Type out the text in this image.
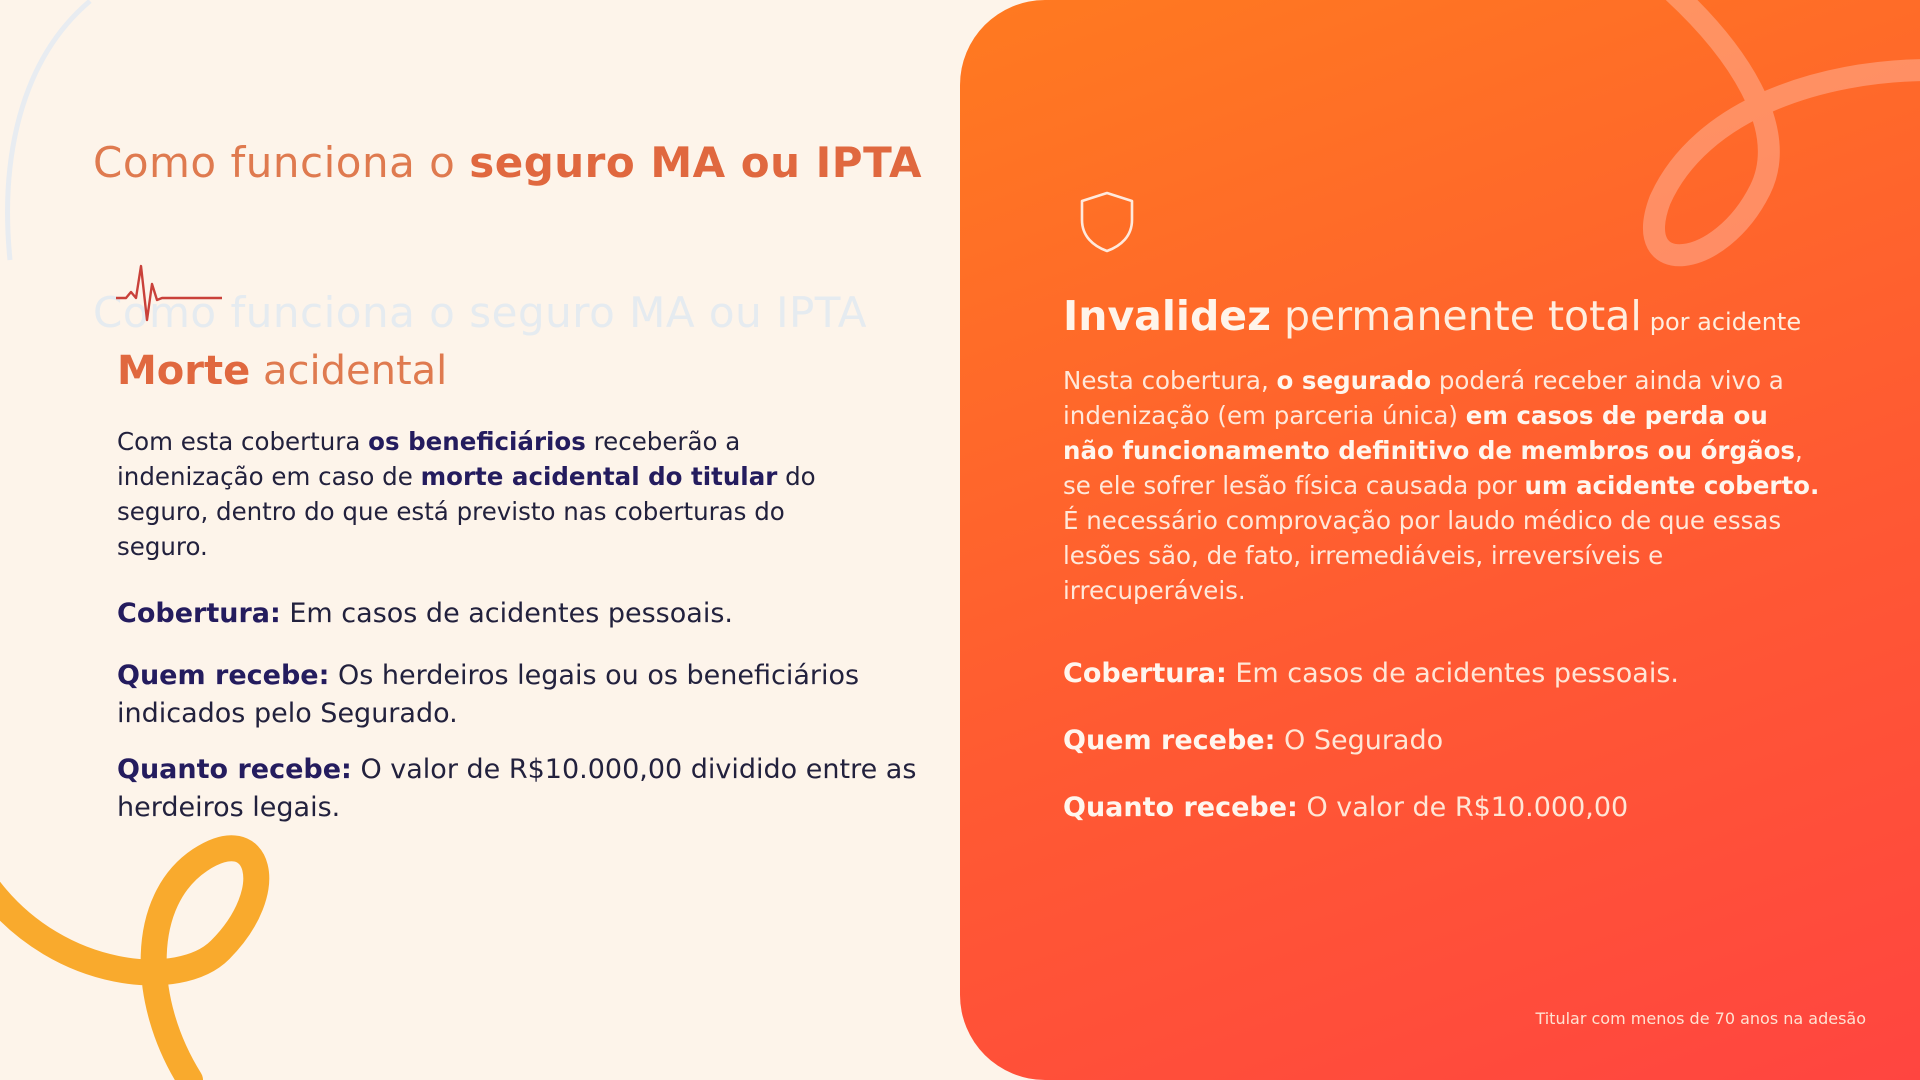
Como funciona o seguro MA ou IPTA
Como funciona o seguro MA ou IPTA
Morte acidental

Com esta cobertura os beneficiários receberão a indenização em caso de morte acidental do titular do seguro, dentro do que está previsto nas coberturas do seguro.

Cobertura: Em casos de acidentes pessoais.

Quem recebe: Os herdeiros legais ou os beneficiários indicados pelo Segurado.

Quanto recebe: O valor de R$10.000,00 dividido entre as herdeiros legais.

Invalidez permanente total por acidente

Nesta cobertura, o segurado poderá receber ainda vivo a indenização (em parceria única) em casos de perda ou não funcionamento definitivo de membros ou órgãos, se ele sofrer lesão física causada por um acidente coberto. É necessário comprovação por laudo médico de que essas lesões são, de fato, irremediáveis, irreversíveis e irrecuperáveis.

Cobertura: Em casos de acidentes pessoais.

Quem recebe: O Segurado

Quanto recebe: O valor de R$10.000,00

Titular com menos de 70 anos na adesão
